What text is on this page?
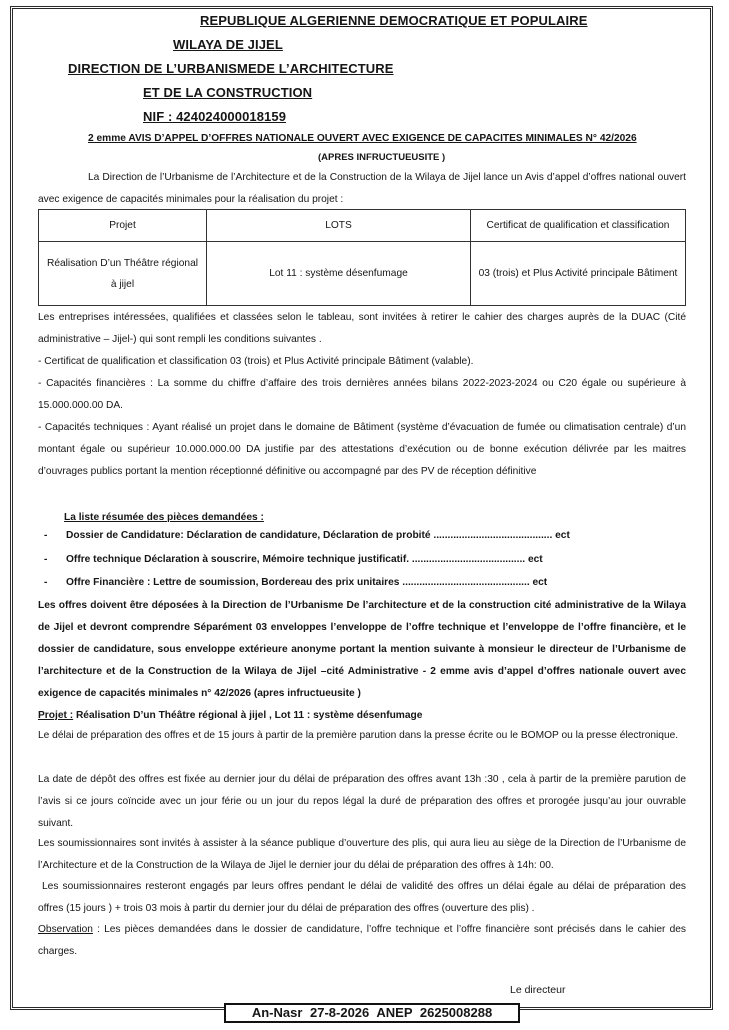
REPUBLIQUE ALGERIENNE DEMOCRATIQUE ET POPULAIRE
WILAYA DE JIJEL
DIRECTION DE L’URBANISMEDE L’ARCHITECTURE
ET DE LA CONSTRUCTION
NIF : 424024000018159
2 emme AVIS D’APPEL D’OFFRES NATIONALE OUVERT AVEC EXIGENCE DE CAPACITES MINIMALES N° 42/2026
(APRES INFRUCTUEUSITE )

La Direction de l’Urbanisme de l’Architecture et de la Construction de la Wilaya de Jijel lance un Avis d’appel d’offres national ouvert avec exigence de capacités minimales pour la réalisation du projet :

Projet	LOTS	Certificat de qualification et classification
Réalisation D’un Théâtre régional à jijel	Lot 11 : système désenfumage	03 (trois) et Plus Activité principale Bâtiment

Les entreprises intéressées, qualifiées et classées selon le tableau, sont invitées à retirer le cahier des charges auprès de la DUAC (Cité administrative – Jijel-) qui sont rempli les conditions suivantes .

- Certificat de qualification et classification 03 (trois) et Plus Activité principale Bâtiment (valable).

- Capacités financières : La somme du chiffre d’affaire des trois dernières années bilans 2022-2023-2024 ou C20 égale ou supérieure à 15.000.000.00 DA.

- Capacités techniques : Ayant réalisé un projet dans le domaine de Bâtiment (système d’évacuation de fumée ou climatisation centrale) d’un montant égale ou supérieur 10.000.000.00 DA justifie par des attestations d’exécution ou de bonne exécution délivrée par les maitres d’ouvrages publics portant la mention réceptionné définitive ou accompagné par des PV de réception définitive

La liste résumée des pièces demandées :
- Dossier de Candidature: Déclaration de candidature, Déclaration de probité .......................................... ect
- Offre technique Déclaration à souscrire, Mémoire technique justificatif. ........................................ ect
- Offre Financière : Lettre de soumission, Bordereau des prix unitaires ............................................. ect

Les offres doivent être déposées à la Direction de l’Urbanisme De l’architecture et de la construction cité administrative de la Wilaya de Jijel et devront comprendre Séparément 03 enveloppes l’enveloppe de l’offre technique et l’enveloppe de l’offre financière, et le dossier de candidature, sous enveloppe extérieure anonyme portant la mention suivante à monsieur le directeur de l’Urbanisme de l’architecture et de la Construction de la Wilaya de Jijel –cité Administrative - 2 emme avis d’appel d’offres nationale ouvert avec exigence de capacités minimales n° 42/2026 (apres infructueusite )

Projet : Réalisation D’un Théâtre régional à jijel , Lot 11 : système désenfumage

Le délai de préparation des offres et de 15 jours à partir de la première parution dans la presse écrite ou le BOMOP ou la presse électronique.

La date de dépôt des offres est fixée au dernier jour du délai de préparation des offres avant 13h :30 , cela à partir de la première parution de l’avis si ce jours coïncide avec un jour férie ou un jour du repos légal la duré de préparation des offres et prorogée jusqu’au jour ouvrable suivant.

Les soumissionnaires sont invités à assister à la séance publique d’ouverture des plis, qui aura lieu au siège de la Direction de l’Urbanisme de l’Architecture et de la Construction de la Wilaya de Jijel le dernier jour du délai de préparation des offres à 14h: 00.

Les soumissionnaires resteront engagés par leurs offres pendant le délai de validité des offres un délai égale au délai de préparation des offres (15 jours ) + trois 03 mois à partir du dernier jour du délai de préparation des offres (ouverture des plis) .

Observation : Les pièces demandées dans le dossier de candidature, l’offre technique et l’offre financière sont précisés dans le cahier des charges.

Le directeur
An-Nasr 27-8-2026 ANEP 2625008288
